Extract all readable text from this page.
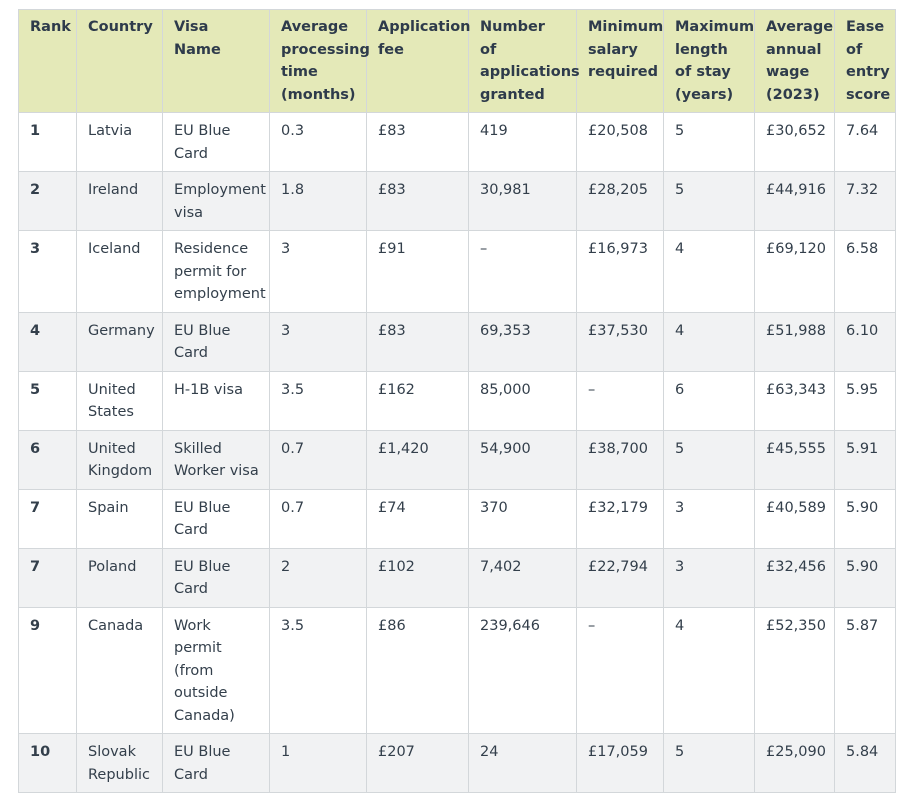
Rank	Country	Visa Name	Average processing time (months)	Application fee	Number of applications granted	Minimum salary required	Maximum length of stay (years)	Average annual wage (2023)	Ease of entry score
1	Latvia	EU Blue Card	0.3	£83	419	£20,508	5	£30,652	7.64
2	Ireland	Employment visa	1.8	£83	30,981	£28,205	5	£44,916	7.32
3	Iceland	Residence permit for employment	3	£91	–	£16,973	4	£69,120	6.58
4	Germany	EU Blue Card	3	£83	69,353	£37,530	4	£51,988	6.10
5	United States	H-1B visa	3.5	£162	85,000	–	6	£63,343	5.95
6	United Kingdom	Skilled Worker visa	0.7	£1,420	54,900	£38,700	5	£45,555	5.91
7	Spain	EU Blue Card	0.7	£74	370	£32,179	3	£40,589	5.90
7	Poland	EU Blue Card	2	£102	7,402	£22,794	3	£32,456	5.90
9	Canada	Work permit (from outside Canada)	3.5	£86	239,646	–	4	£52,350	5.87
10	Slovak Republic	EU Blue Card	1	£207	24	£17,059	5	£25,090	5.84
